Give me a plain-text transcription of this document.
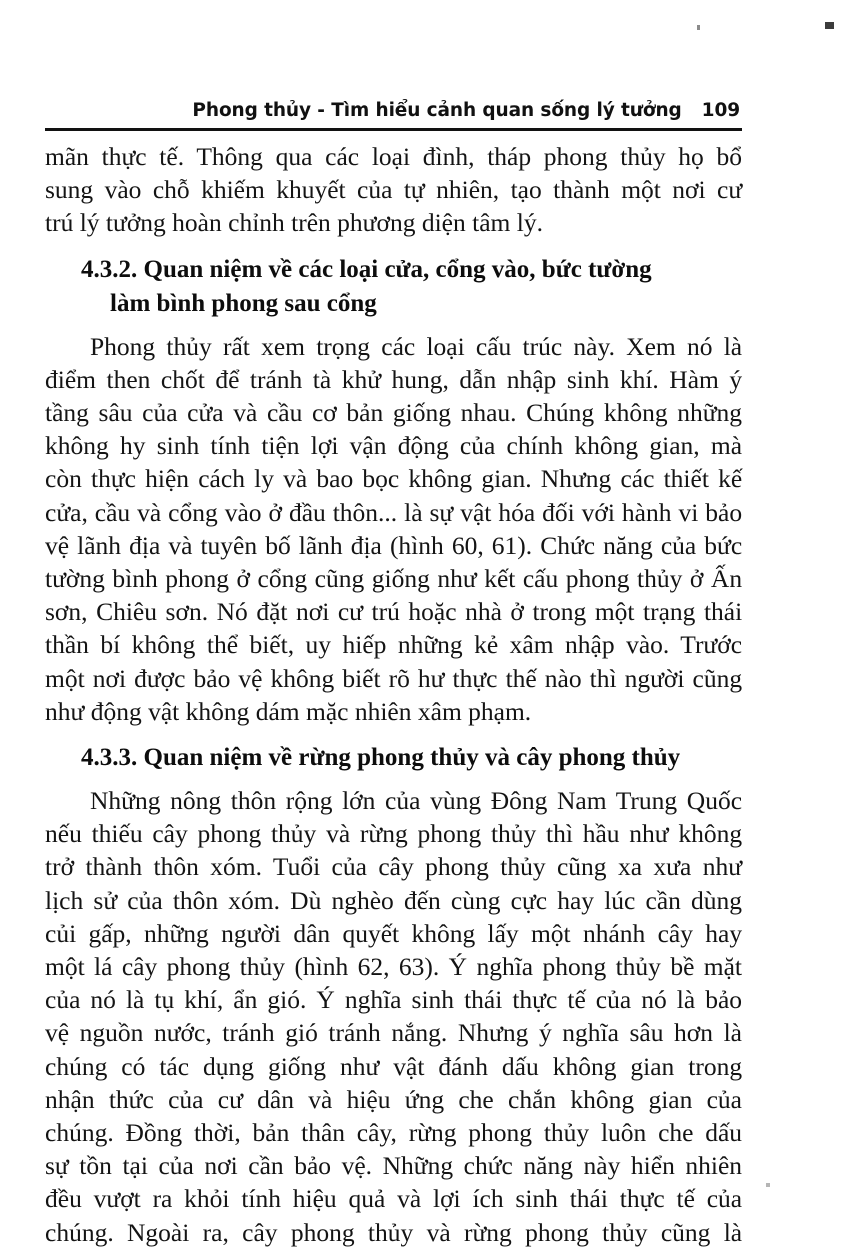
Phong thủy - Tìm hiểu cảnh quan sống lý tưởng 109
mãn thực tế. Thông qua các loại đình, tháp phong thủy họ bổ
sung vào chỗ khiếm khuyết của tự nhiên, tạo thành một nơi cư
trú lý tưởng hoàn chỉnh trên phương diện tâm lý.
4.3.2. Quan niệm về các loại cửa, cổng vào, bức tường
làm bình phong sau cổng
Phong thủy rất xem trọng các loại cấu trúc này. Xem nó là
điểm then chốt để tránh tà khử hung, dẫn nhập sinh khí. Hàm ý
tầng sâu của cửa và cầu cơ bản giống nhau. Chúng không những
không hy sinh tính tiện lợi vận động của chính không gian, mà
còn thực hiện cách ly và bao bọc không gian. Nhưng các thiết kế
cửa, cầu và cổng vào ở đầu thôn... là sự vật hóa đối với hành vi bảo
vệ lãnh địa và tuyên bố lãnh địa (hình 60, 61). Chức năng của bức
tường bình phong ở cổng cũng giống như kết cấu phong thủy ở Ấn
sơn, Chiêu sơn. Nó đặt nơi cư trú hoặc nhà ở trong một trạng thái
thần bí không thể biết, uy hiếp những kẻ xâm nhập vào. Trước
một nơi được bảo vệ không biết rõ hư thực thế nào thì người cũng
như động vật không dám mặc nhiên xâm phạm.
4.3.3. Quan niệm về rừng phong thủy và cây phong thủy
Những nông thôn rộng lớn của vùng Đông Nam Trung Quốc
nếu thiếu cây phong thủy và rừng phong thủy thì hầu như không
trở thành thôn xóm. Tuổi của cây phong thủy cũng xa xưa như
lịch sử của thôn xóm. Dù nghèo đến cùng cực hay lúc cần dùng
củi gấp, những người dân quyết không lấy một nhánh cây hay
một lá cây phong thủy (hình 62, 63). Ý nghĩa phong thủy bề mặt
của nó là tụ khí, ẩn gió. Ý nghĩa sinh thái thực tế của nó là bảo
vệ nguồn nước, tránh gió tránh nắng. Nhưng ý nghĩa sâu hơn là
chúng có tác dụng giống như vật đánh dấu không gian trong
nhận thức của cư dân và hiệu ứng che chắn không gian của
chúng. Đồng thời, bản thân cây, rừng phong thủy luôn che dấu
sự tồn tại của nơi cần bảo vệ. Những chức năng này hiển nhiên
đều vượt ra khỏi tính hiệu quả và lợi ích sinh thái thực tế của
chúng. Ngoài ra, cây phong thủy và rừng phong thủy cũng là
